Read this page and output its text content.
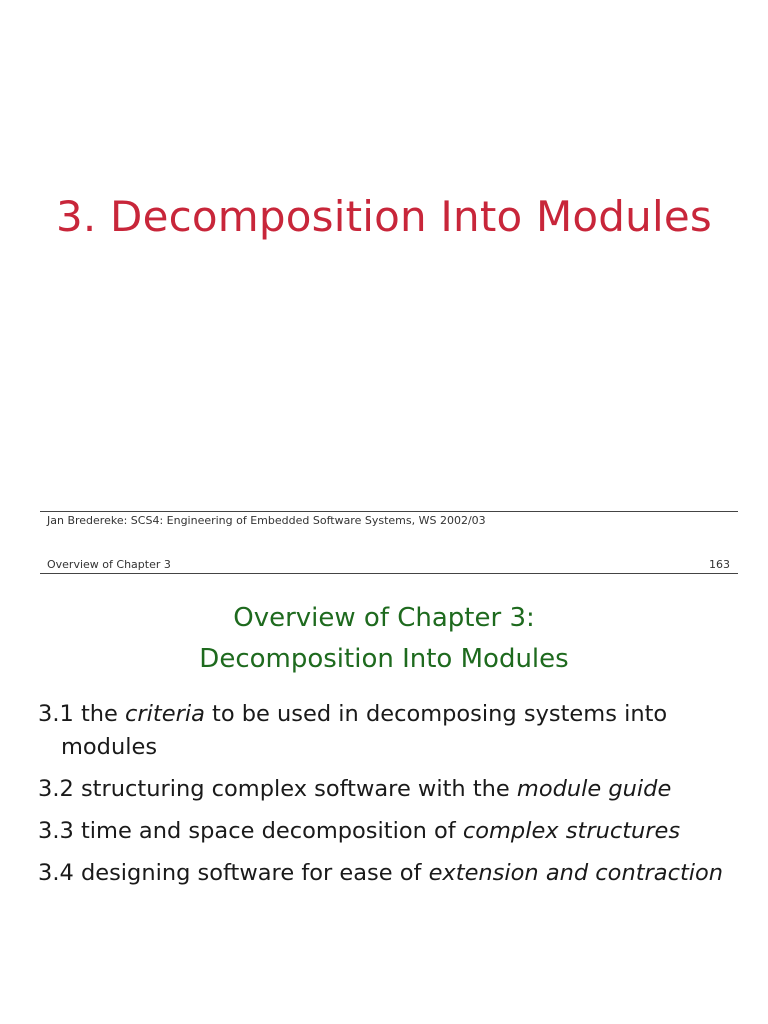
3. Decomposition Into Modules
Jan Bredereke: SCS4: Engineering of Embedded Software Systems, WS 2002/03
Overview of Chapter 3	163
Overview of Chapter 3:
Decomposition Into Modules
3.1 the criteria to be used in decomposing systems into
modules
3.2 structuring complex software with the module guide
3.3 time and space decomposition of complex structures
3.4 designing software for ease of extension and contraction
